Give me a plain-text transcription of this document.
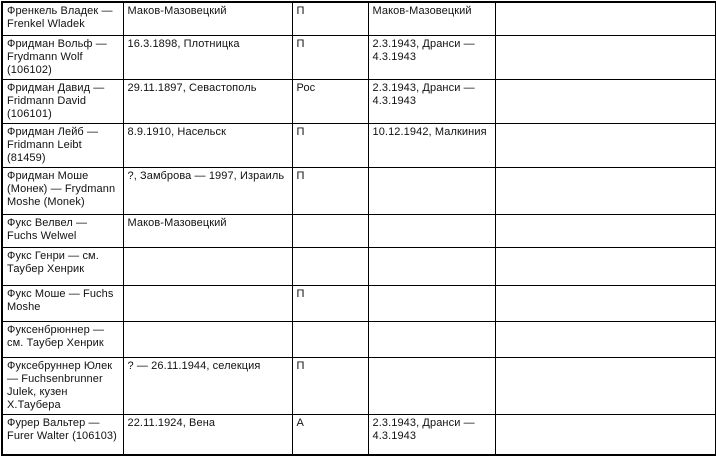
Френкель Владек — Frenkel Wladek	Маков-Мазовецкий	П	Маков-Мазовецкий	
Фридман Вольф — Frydmann Wolf (106102)	16.3.1898, Плотницка	П	2.3.1943, Дранси — 4.3.1943	
Фридман Давид — Fridmann David (106101)	29.11.1897, Севастополь	Рос	2.3.1943, Дранси — 4.3.1943	
Фридман Лейб — Fridmann Leibt (81459)	8.9.1910, Насельск	П	10.12.1942, Малкиния	
Фридман Моше (Монек) — Frydmann Moshe (Monek)	?, Замброва — 1997, Израиль	П		
Фукс Велвел — Fuchs Welwel	Маков-Мазовецкий			
Фукс Генри — см. Таубер Хенрик				
Фукс Моше — Fuchs Moshe		П		
Фуксенбрюннер — см. Таубер Хенрик				
Фуксебруннер Юлек — Fuchsenbrunner Julek, кузен Х.Таубера	? — 26.11.1944, селекция	П		
Фурер Вальтер — Furer Walter (106103)	22.11.1924, Вена	А	2.3.1943, Дранси — 4.3.1943	
